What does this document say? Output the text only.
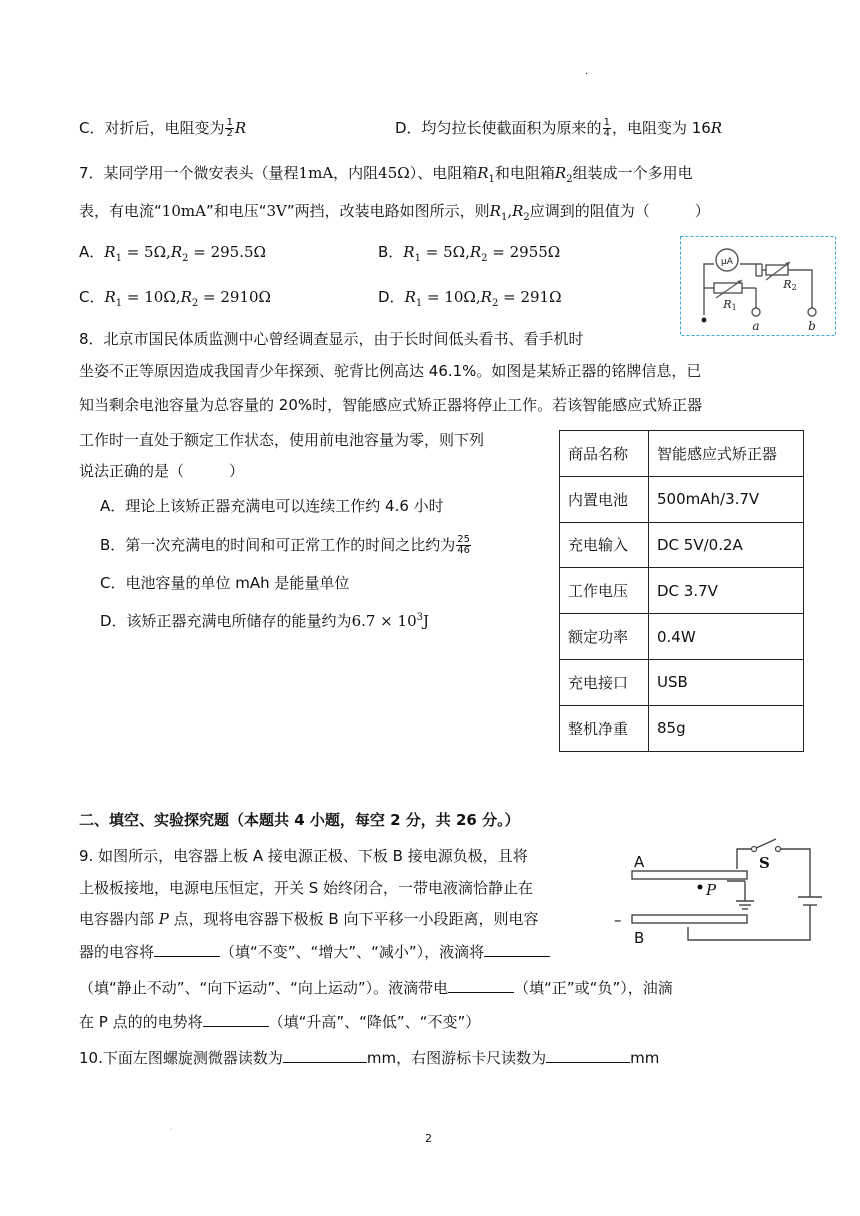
.
C．对折后，电阻变为 $\frac{1}{2}$ R	D．均匀拉长使截面积为原来的 $\frac{1}{4}$ ，电阻变为 16R
7．某同学用一个微安表头（量程1mA，内阻45Ω）、电阻箱$R_1$和电阻箱$R_2$组装成一个多用电
表，有电流“10mA”和电压“3V”两挡，改装电路如图所示，则$R_1,R_2$应调到的阻值为（　　　）
A．$R_1 = 5\Omega,R_2 = 295.5\Omega$	B．$R_1 = 5\Omega,R_2 = 2955\Omega$
C．$R_1 = 10\Omega,R_2 = 2910\Omega$	D．$R_1 = 10\Omega,R_2 = 291\Omega$
μA
R1
R2
a	b
8．北京市国民体质监测中心曾经调查显示，由于长时间低头看书、看手机时
坐姿不正等原因造成我国青少年探颈、驼背比例高达 46.1%。如图是某矫正器的铭牌信息，已
知当剩余电池容量为总容量的 20%时，智能感应式矫正器将停止工作。若该智能感应式矫正器
工作时一直处于额定工作状态，使用前电池容量为零，则下列
说法正确的是（　　　）
A．理论上该矫正器充满电可以连续工作约 4.6 小时
B．第一次充满电的时间和可正常工作的时间之比约为 $\frac{25}{46}$
C．电池容量的单位 mAh 是能量单位
D．该矫正器充满电所储存的能量约为$6.7 \times 10^3J$
商品名称	智能感应式矫正器
内置电池	500mAh/3.7V
充电输入	DC 5V/0.2A
工作电压	DC 3.7V
额定功率	0.4W
充电接口	USB
整机净重	85g
二、填空、实验探究题（本题共 4 小题，每空 2 分，共 26 分。）
9. 如图所示，电容器上板 A 接电源正极、下板 B 接电源负极，且将
上极板接地，电源电压恒定，开关 S 始终闭合，一带电液滴恰静止在
电容器内部 P 点，现将电容器下极板 B 向下平移一小段距离，则电容
器的电容将	（填“不变”、“增大”、“减小”），液滴将
（填“静止不动”、“向下运动”、“向上运动”）。液滴带电	（填“正”或“负”），油滴
在 P 点的的电势将	（填“升高”、“降低”、“不变”）
A
B
S
P
–
10.下面左图螺旋测微器读数为	mm，右图游标卡尺读数为	mm
·
2
